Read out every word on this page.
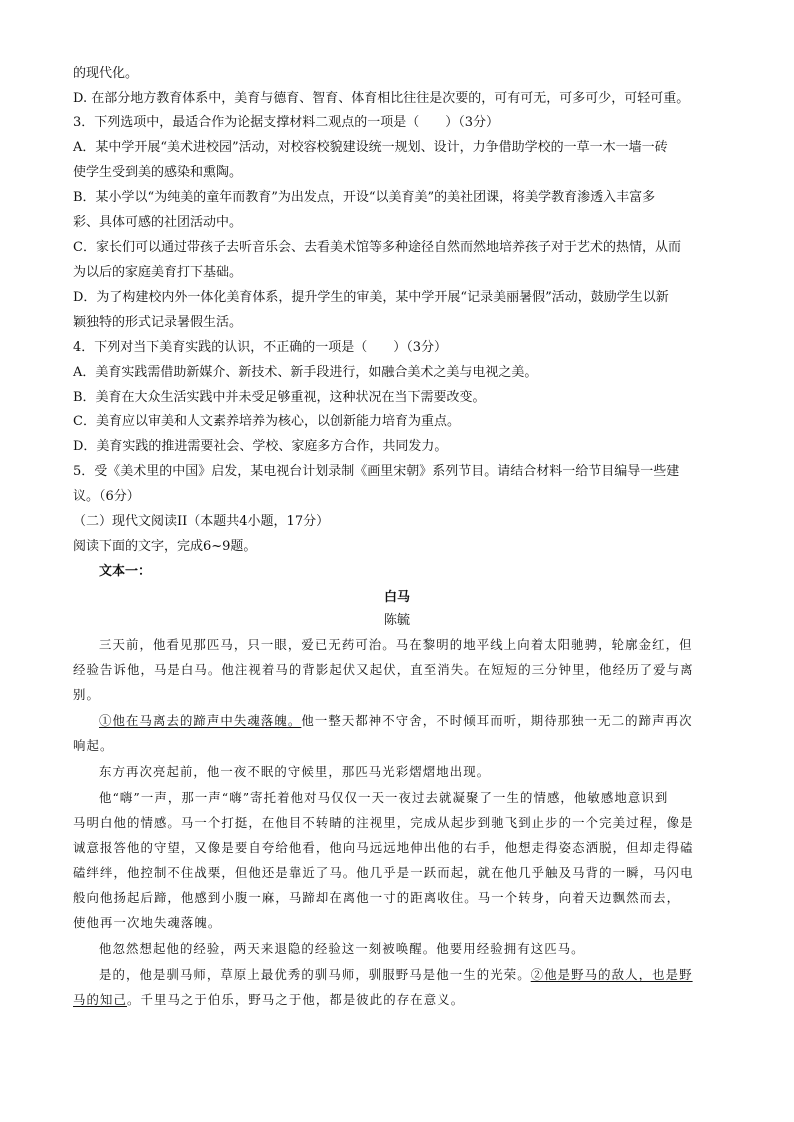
的现代化。
D. 在部分地方教育体系中，美育与德育、智育、体育相比往往是次要的，可有可无，可多可少，可轻可重。
3．下列选项中，最适合作为论据支撑材料二观点的一项是（　　）（3分）
A．某中学开展“美术进校园”活动，对校容校貌建设统一规划、设计，力争借助学校的一草一木一墙一砖
使学生受到美的感染和熏陶。
B．某小学以“为纯美的童年而教育”为出发点，开设“以美育美”的美社团课，将美学教育渗透入丰富多
彩、具体可感的社团活动中。
C．家长们可以通过带孩子去听音乐会、去看美术馆等多种途径自然而然地培养孩子对于艺术的热情，从而
为以后的家庭美育打下基础。
D．为了构建校内外一体化美育体系，提升学生的审美，某中学开展“记录美丽暑假”活动，鼓励学生以新
颖独特的形式记录暑假生活。
4．下列对当下美育实践的认识，不正确的一项是（　　）（3分）
A．美育实践需借助新媒介、新技术、新手段进行，如融合美术之美与电视之美。
B．美育在大众生活实践中并未受足够重视，这种状况在当下需要改变。
C．美育应以审美和人文素养培养为核心，以创新能力培育为重点。
D．美育实践的推进需要社会、学校、家庭多方合作，共同发力。
5．受《美术里的中国》启发，某电视台计划录制《画里宋朝》系列节目。请结合材料一给节目编导一些建
议。（6分）
（二）现代文阅读II（本题共4小题，17分）
阅读下面的文字，完成6~9题。
文本一：
白马
陈毓
三天前，他看见那匹马，只一眼，爱已无药可治。马在黎明的地平线上向着太阳驰骋，轮廓金红，但
经验告诉他，马是白马。他注视着马的背影起伏又起伏，直至消失。在短短的三分钟里，他经历了爱与离
别。
①他在马离去的蹄声中失魂落魄。他一整天都神不守舍，不时倾耳而听，期待那独一无二的蹄声再次
响起。
东方再次亮起前，他一夜不眠的守候里，那匹马光彩熠熠地出现。
他“嗨”一声，那一声“嗨”寄托着他对马仅仅一天一夜过去就凝聚了一生的情感，他敏感地意识到
马明白他的情感。马一个打挺，在他目不转睛的注视里，完成从起步到驰飞到止步的一个完美过程，像是
诚意报答他的守望，又像是要自夸给他看，他向马远远地伸出他的右手，他想走得姿态洒脱，但却走得磕
磕绊绊，他控制不住战栗，但他还是靠近了马。他几乎是一跃而起，就在他几乎触及马背的一瞬，马闪电
般向他扬起后蹄，他感到小腹一麻，马蹄却在离他一寸的距离收住。马一个转身，向着天边飘然而去，
使他再一次地失魂落魄。
他忽然想起他的经验，两天来退隐的经验这一刻被唤醒。他要用经验拥有这匹马。
是的，他是驯马师，草原上最优秀的驯马师，驯服野马是他一生的光荣。②他是野马的敌人，也是野
马的知己。千里马之于伯乐，野马之于他，都是彼此的存在意义。
